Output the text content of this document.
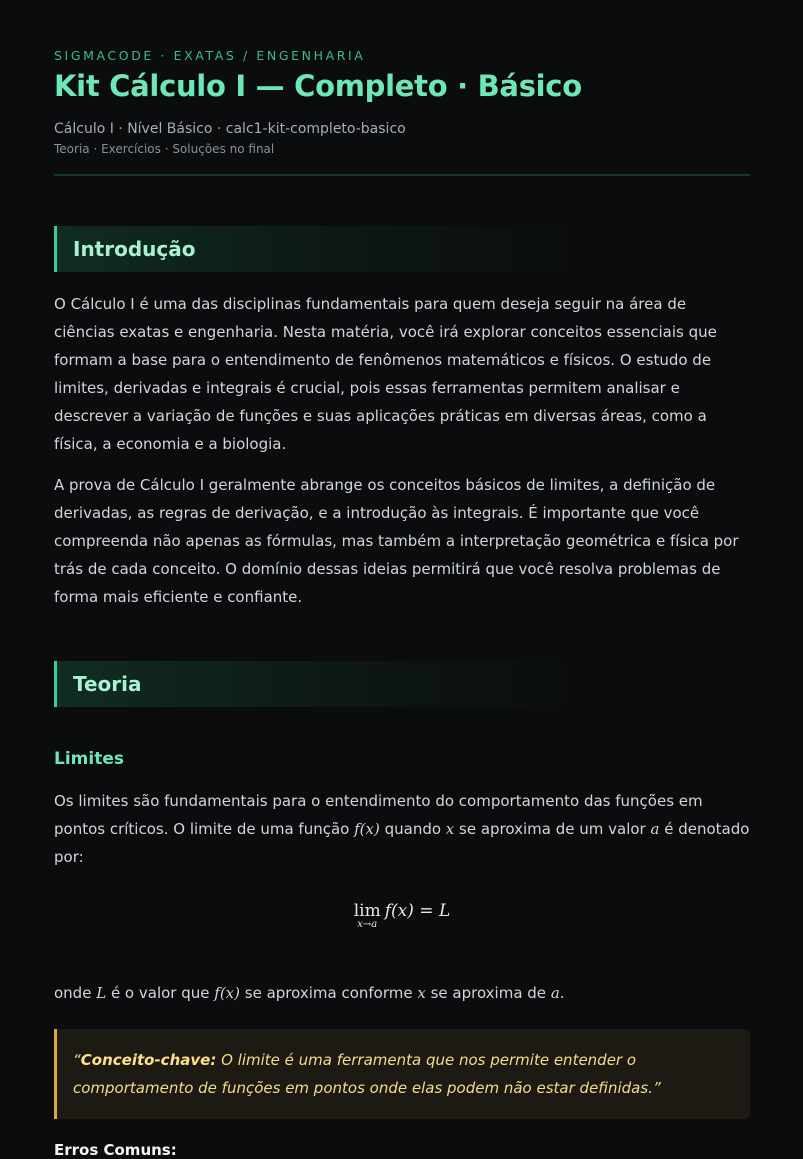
SIGMACODE · EXATAS / ENGENHARIA
Kit Cálculo I — Completo · Básico
Cálculo I · Nível Básico · calc1-kit-completo-basico
Teoria · Exercícios · Soluções no final
Introdução

O Cálculo I é uma das disciplinas fundamentais para quem deseja seguir na área de ciências exatas e engenharia. Nesta matéria, você irá explorar conceitos essenciais que formam a base para o entendimento de fenômenos matemáticos e físicos. O estudo de limites, derivadas e integrais é crucial, pois essas ferramentas permitem analisar e descrever a variação de funções e suas aplicações práticas em diversas áreas, como a física, a economia e a biologia.

A prova de Cálculo I geralmente abrange os conceitos básicos de limites, a definição de derivadas, as regras de derivação, e a introdução às integrais. É importante que você compreenda não apenas as fórmulas, mas também a interpretação geométrica e física por trás de cada conceito. O domínio dessas ideias permitirá que você resolva problemas de forma mais eficiente e confiante.

Teoria
Limites

Os limites são fundamentais para o entendimento do comportamento das funções em pontos críticos. O limite de uma função f(x) quando x se aproxima de um valor a é denotado por:

lim
x→a
f(x) = L

onde L é o valor que f(x) se aproxima conforme x se aproxima de a.

“Conceito-chave: O limite é uma ferramenta que nos permite entender o comportamento de funções em pontos onde elas podem não estar definidas.”
Erros Comuns:
